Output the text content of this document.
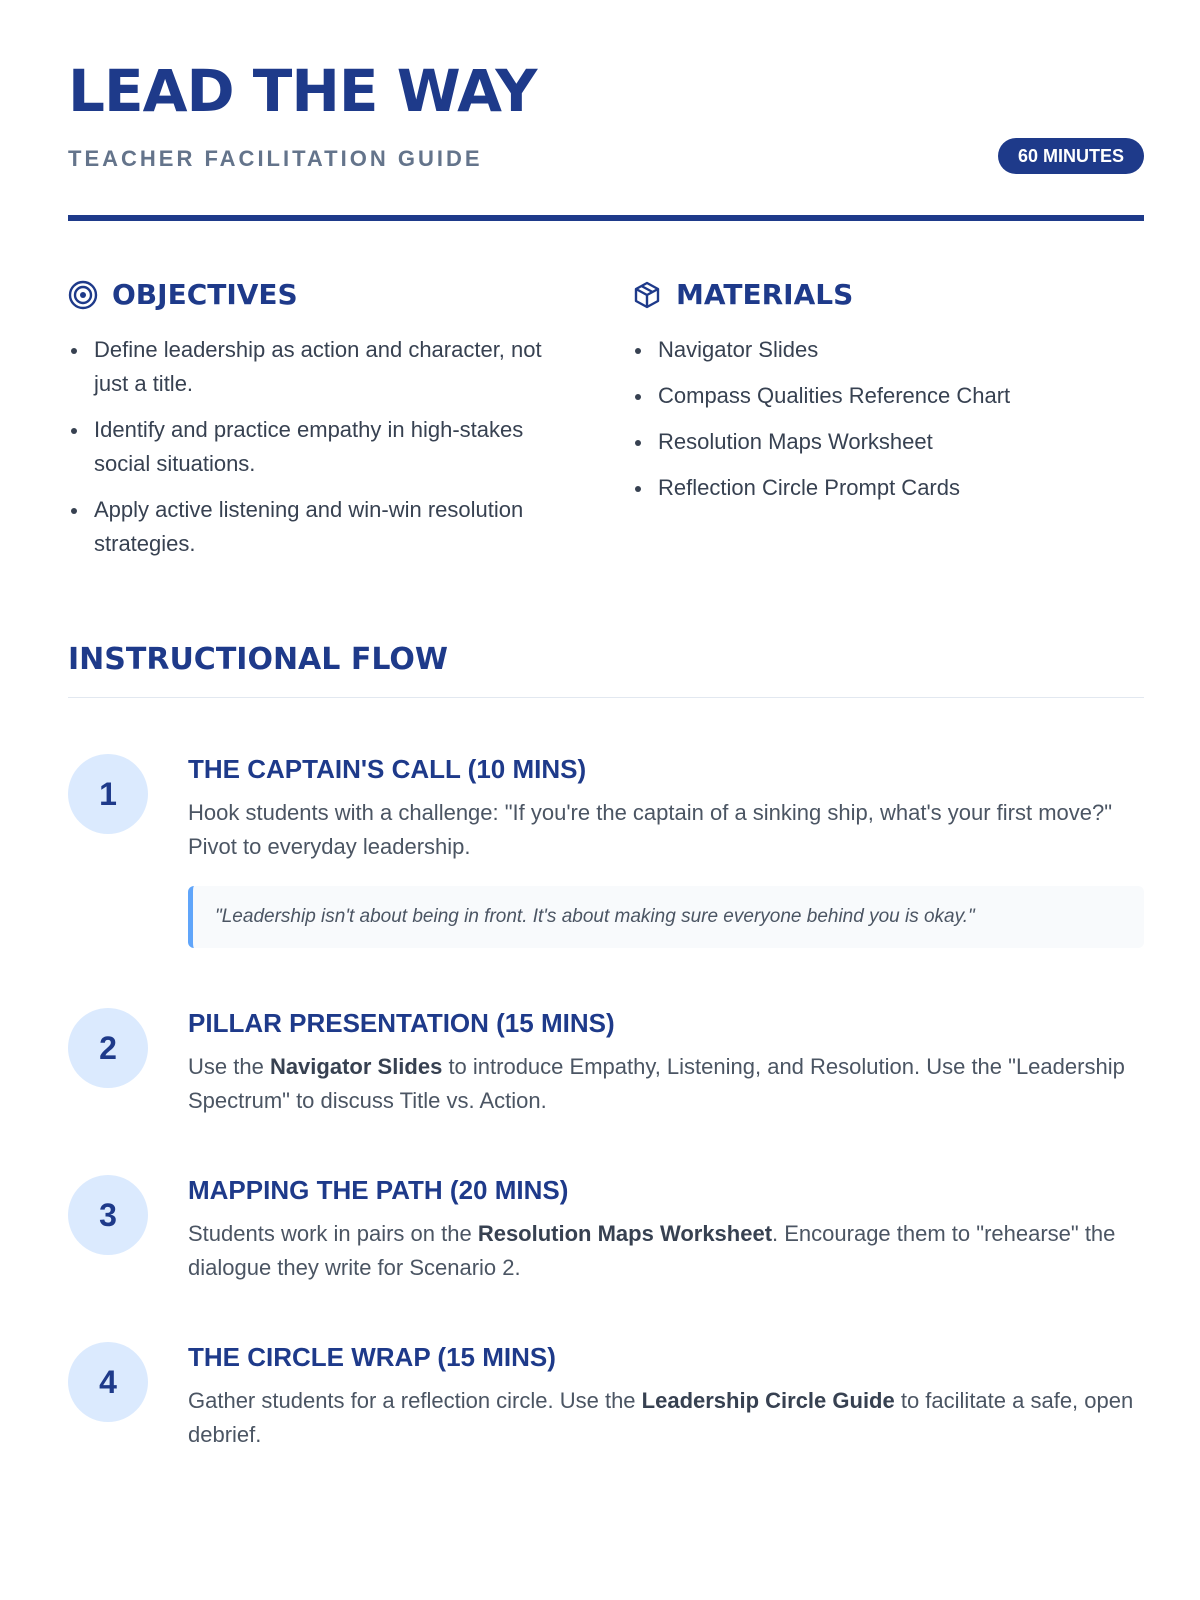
LEAD THE WAY
TEACHER FACILITATION GUIDE	60 MINUTES
OBJECTIVES
Define leadership as action and character, not just a title.
Identify and practice empathy in high-stakes social situations.
Apply active listening and win-win resolution strategies.
MATERIALS
Navigator Slides
Compass Qualities Reference Chart
Resolution Maps Worksheet
Reflection Circle Prompt Cards
INSTRUCTIONAL FLOW
1
THE CAPTAIN'S CALL (10 MINS)

Hook students with a challenge: "If you're the captain of a sinking ship, what's your first move?" Pivot to everyday leadership.

"Leadership isn't about being in front. It's about making sure everyone behind you is okay."
2
PILLAR PRESENTATION (15 MINS)

Use the Navigator Slides to introduce Empathy, Listening, and Resolution. Use the "Leadership Spectrum" to discuss Title vs. Action.

3
MAPPING THE PATH (20 MINS)

Students work in pairs on the Resolution Maps Worksheet. Encourage them to "rehearse" the dialogue they write for Scenario 2.

4
THE CIRCLE WRAP (15 MINS)

Gather students for a reflection circle. Use the Leadership Circle Guide to facilitate a safe, open debrief.
